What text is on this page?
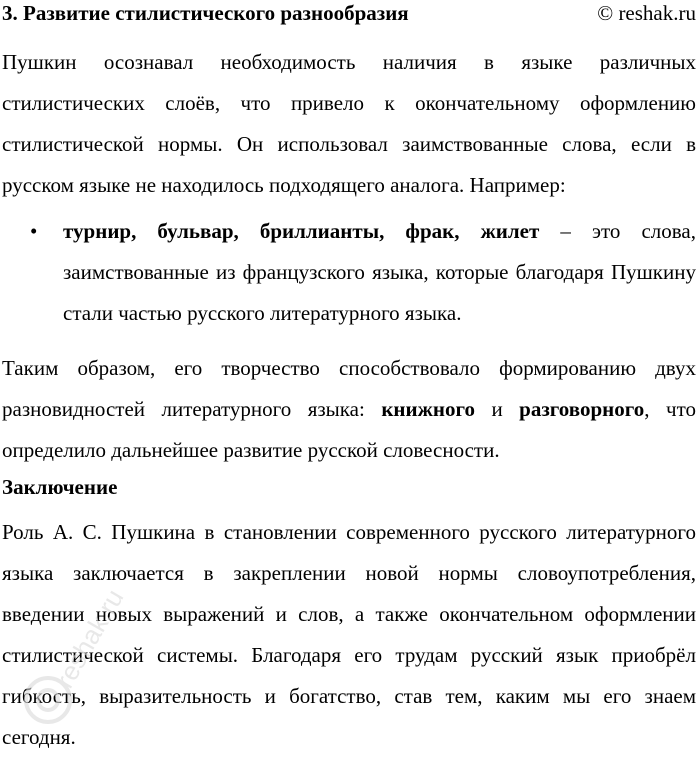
3. Развитие стилистического разнообразия	© reshak.ru

Пушкин осознавал необходимость наличия в языке различных стилистических слоёв, что привело к окончательному оформлению стилистической нормы. Он использовал заимствованные слова, если в русском языке не находилось подходящего аналога. Например:

• турнир, бульвар, бриллианты, фрак, жилет – это слова, заимствованные из французского языка, которые благодаря Пушкину стали частью русского литературного языка.

Таким образом, его творчество способствовало формированию двух разновидностей литературного языка: книжного и разговорного, что определило дальнейшее развитие русской словесности.

Заключение

Роль А. С. Пушкина в становлении современного русского литературного языка заключается в закреплении новой нормы словоупотребления, введении новых выражений и слов, а также окончательном оформлении стилистической системы. Благодаря его трудам русский язык приобрёл гибкость, выразительность и богатство, став тем, каким мы его знаем сегодня.

reshak.ru
